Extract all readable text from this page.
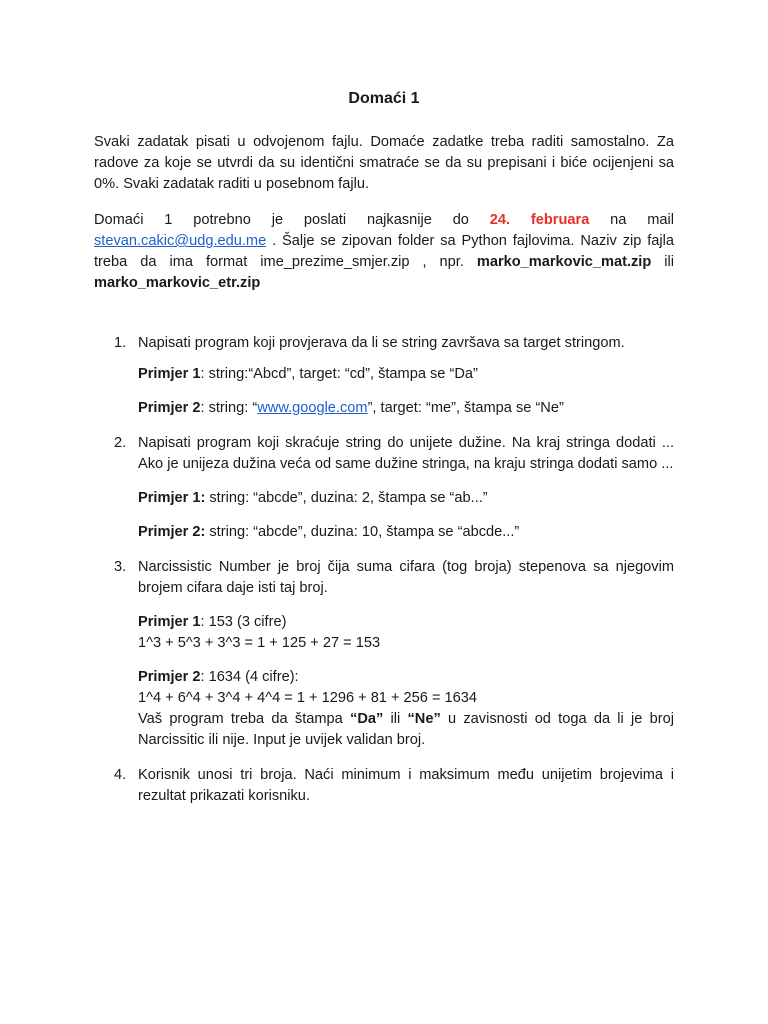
Domaći 1
Svaki zadatak pisati u odvojenom fajlu. Domaće zadatke treba raditi samostalno. Za radove za koje se utvrdi da su identični smatraće se da su prepisani i biće ocijenjeni sa 0%. Svaki zadatak raditi u posebnom fajlu.
Domaći 1 potrebno je poslati najkasnije do 24. februara na mail stevan.cakic@udg.edu.me . Šalje se zipovan folder sa Python fajlovima. Naziv zip fajla treba da ima format ime_prezime_smjer.zip , npr. marko_markovic_mat.zip ili marko_markovic_etr.zip
1. Napisati program koji provjerava da li se string završava sa target stringom.
Primjer 1: string:“Abcd”, target: “cd”, štampa se “Da”
Primjer 2: string: “www.google.com”, target: “me”, štampa se “Ne”
2. Napisati program koji skraćuje string do unijete dužine. Na kraj stringa dodati ... Ako je unijeza dužina veća od same dužine stringa, na kraju stringa dodati samo ...
Primjer 1: string: “abcde”, duzina: 2, štampa se “ab...”
Primjer 2: string: “abcde”, duzina: 10, štampa se “abcde...”
3. Narcissistic Number je broj čija suma cifara (tog broja) stepenova sa njegovim brojem cifara daje isti taj broj.
Primjer 1: 153 (3 cifre)
1^3 + 5^3 + 3^3 = 1 + 125 + 27 = 153
Primjer 2: 1634 (4 cifre):
1^4 + 6^4 + 3^4 + 4^4 = 1 + 1296 + 81 + 256 = 1634
Vaš program treba da štampa “Da” ili “Ne” u zavisnosti od toga da li je broj Narcissitic ili nije. Input je uvijek validan broj.
4. Korisnik unosi tri broja. Naći minimum i maksimum među unijetim brojevima i rezultat prikazati korisniku.
